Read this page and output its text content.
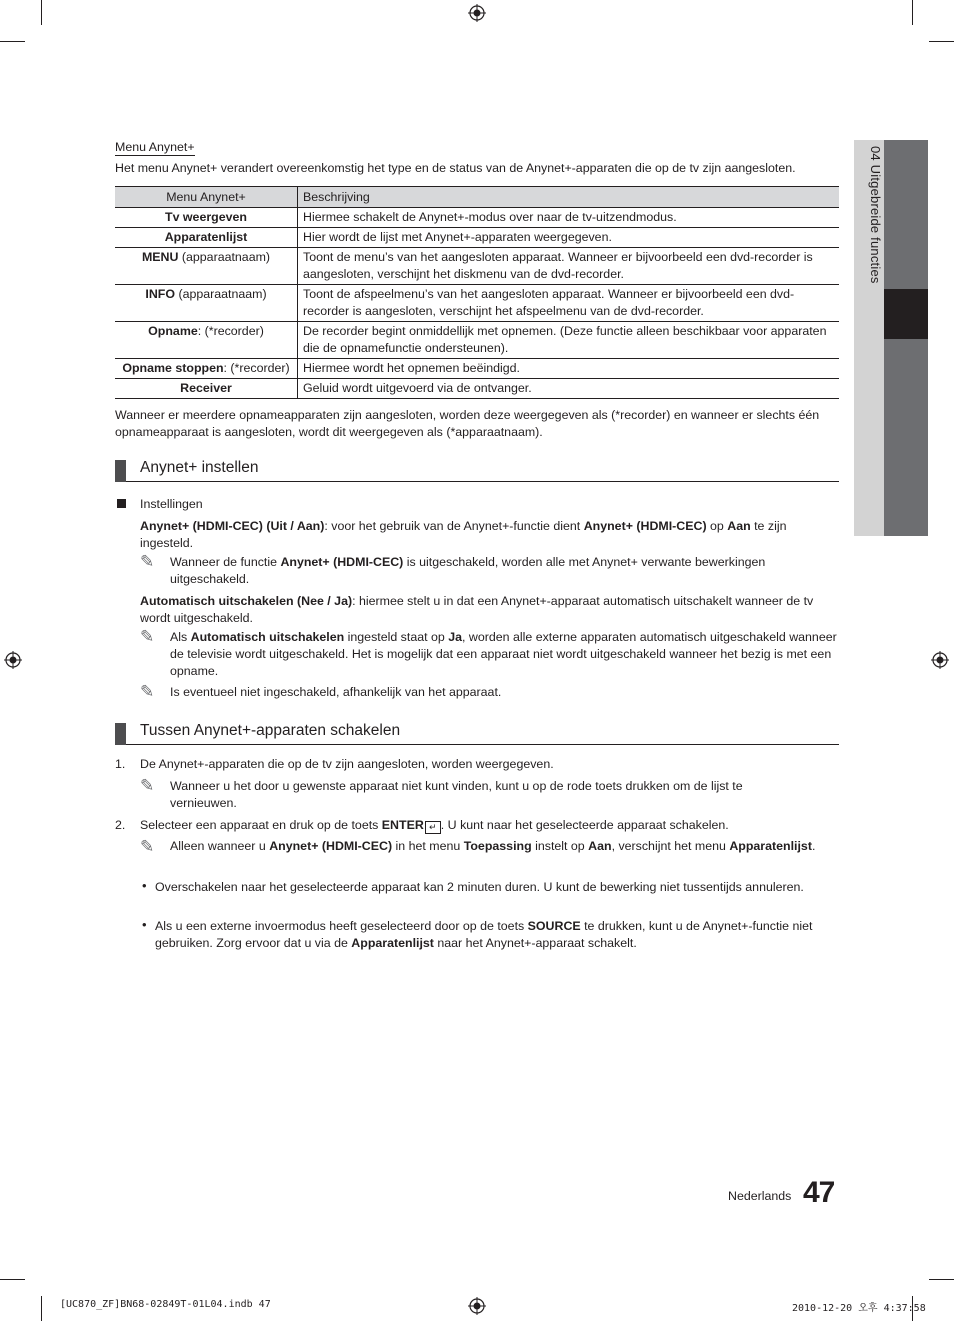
04 Uitgebreide functies
Menu Anynet+
Het menu Anynet+ verandert overeenkomstig het type en de status van de Anynet+-apparaten die op de tv zijn aangesloten.
Menu Anynet+	Beschrijving
Tv weergeven	Hiermee schakelt de Anynet+-modus over naar de tv-uitzendmodus.
Apparatenlijst	Hier wordt de lijst met Anynet+-apparaten weergegeven.
MENU (apparaatnaam)	Toont de menu’s van het aangesloten apparaat. Wanneer er bijvoorbeeld een dvd-recorder is aangesloten, verschijnt het diskmenu van de dvd-recorder.
INFO (apparaatnaam)	Toont de afspeelmenu’s van het aangesloten apparaat. Wanneer er bijvoorbeeld een dvd-recorder is aangesloten, verschijnt het afspeelmenu van de dvd-recorder.
Opname: (*recorder)	De recorder begint onmiddellijk met opnemen. (Deze functie alleen beschikbaar voor apparaten die de opnamefunctie ondersteunen).
Opname stoppen: (*recorder)	Hiermee wordt het opnemen beëindigd.
Receiver	Geluid wordt uitgevoerd via de ontvanger.
Wanneer er meerdere opnameapparaten zijn aangesloten, worden deze weergegeven als (*recorder) en wanneer er slechts één opnameapparaat is aangesloten, wordt dit weergegeven als (*apparaatnaam).
Anynet+ instellen
Instellingen
Anynet+ (HDMI-CEC) (Uit / Aan): voor het gebruik van de Anynet+-functie dient Anynet+ (HDMI-CEC) op Aan te zijn ingesteld.
✎ Wanneer de functie Anynet+ (HDMI-CEC) is uitgeschakeld, worden alle met Anynet+ verwante bewerkingen uitgeschakeld.
Automatisch uitschakelen (Nee / Ja): hiermee stelt u in dat een Anynet+-apparaat automatisch uitschakelt wanneer de tv wordt uitgeschakeld.
✎ Als Automatisch uitschakelen ingesteld staat op Ja, worden alle externe apparaten automatisch uitgeschakeld wanneer de televisie wordt uitgeschakeld. Het is mogelijk dat een apparaat niet wordt uitgeschakeld wanneer het bezig is met een opname.
✎ Is eventueel niet ingeschakeld, afhankelijk van het apparaat.
Tussen Anynet+-apparaten schakelen
1. De Anynet+-apparaten die op de tv zijn aangesloten, worden weergegeven.
✎ Wanneer u het door u gewenste apparaat niet kunt vinden, kunt u op de rode toets drukken om de lijst te vernieuwen.
2. Selecteer een apparaat en druk op de toets ENTER ↵ . U kunt naar het geselecteerde apparaat schakelen.
✎ Alleen wanneer u Anynet+ (HDMI-CEC) in het menu Toepassing instelt op Aan, verschijnt het menu Apparatenlijst.
• Overschakelen naar het geselecteerde apparaat kan 2 minuten duren. U kunt de bewerking niet tussentijds annuleren.
• Als u een externe invoermodus heeft geselecteerd door op de toets SOURCE te drukken, kunt u de Anynet+-functie niet gebruiken. Zorg ervoor dat u via de Apparatenlijst naar het Anynet+-apparaat schakelt.
Nederlands 47
[UC870_ZF]BN68-02849T-01L04.indb 47	2010-12-20 오후 4:37:58
